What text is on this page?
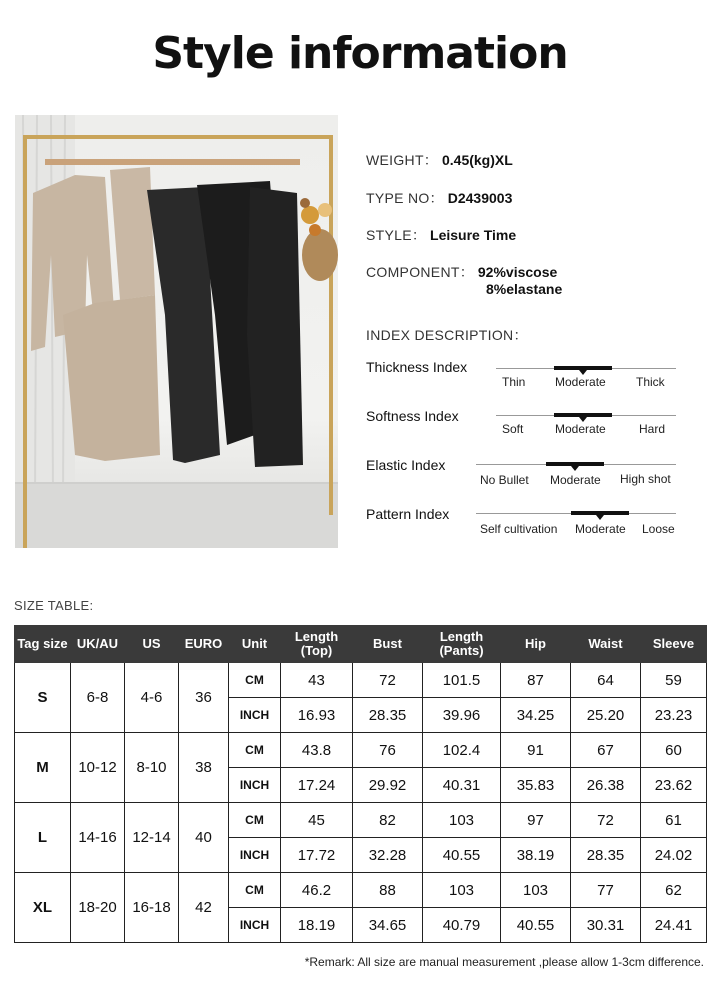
Style information
WEIGHT： 0.45(kg)XL
TYPE NO： D2439003
STYLE： Leisure Time
COMPONENT： 92%viscose
8%elastane
INDEX DESCRIPTION：
Thickness Index
Thin Moderate	Thick
Softness Index
Soft	Moderate	Hard
Elastic Index
No Bullet Moderate High shot
Pattern Index
Self cultivation Moderate Loose
SIZE TABLE:
Tag size	UK/AU	US	EURO	Unit	Length
(Top)	Bust	Length
(Pants)	Hip	Waist	Sleeve
S	6-8	4-6	36	CM	43	72	101.5	87	64	59
				INCH	16.93	28.35	39.96	34.25	25.20	23.23
M	10-12	8-10	38	CM	43.8	76	102.4	91	67	60
				INCH	17.24	29.92	40.31	35.83	26.38	23.62
L	14-16	12-14	40	CM	45	82	103	97	72	61
				INCH	17.72	32.28	40.55	38.19	28.35	24.02
XL	18-20	16-18	42	CM	46.2	88	103	103	77	62
				INCH	18.19	34.65	40.79	40.55	30.31	24.41
*Remark: All size are manual measurement ,please allow 1-3cm difference.
